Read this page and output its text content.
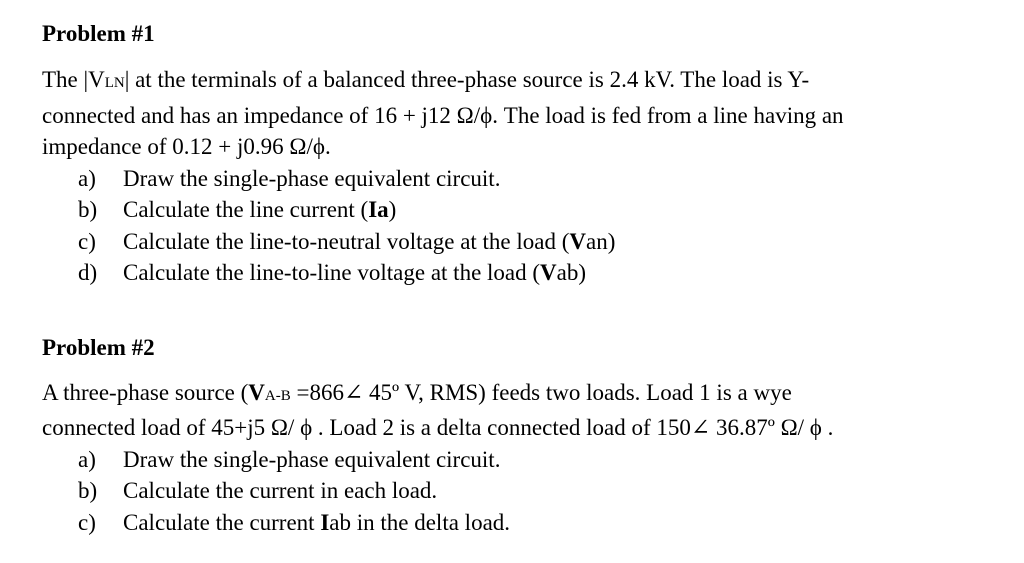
Problem #1

The |VLN| at the terminals of a balanced three-phase source is 2.4 kV. The load is Y-

connected and has an impedance of 16 + j12 Ω/ϕ. The load is fed from a line having an

impedance of 0.12 + j0.96 Ω/ϕ.

a)	Draw the single-phase equivalent circuit.
b)	Calculate the line current (Ia)
c)	Calculate the line-to-neutral voltage at the load (Van)
d)	Calculate the line-to-line voltage at the load (Vab)
Problem #2

A three-phase source (VA-B =866∠ 45º V, RMS) feeds two loads. Load 1 is a wye

connected load of 45+j5 Ω/ ϕ . Load 2 is a delta connected load of 150∠ 36.87º Ω/ ϕ .

a)	Draw the single-phase equivalent circuit.
b)	Calculate the current in each load.
c)	Calculate the current Iab in the delta load.
